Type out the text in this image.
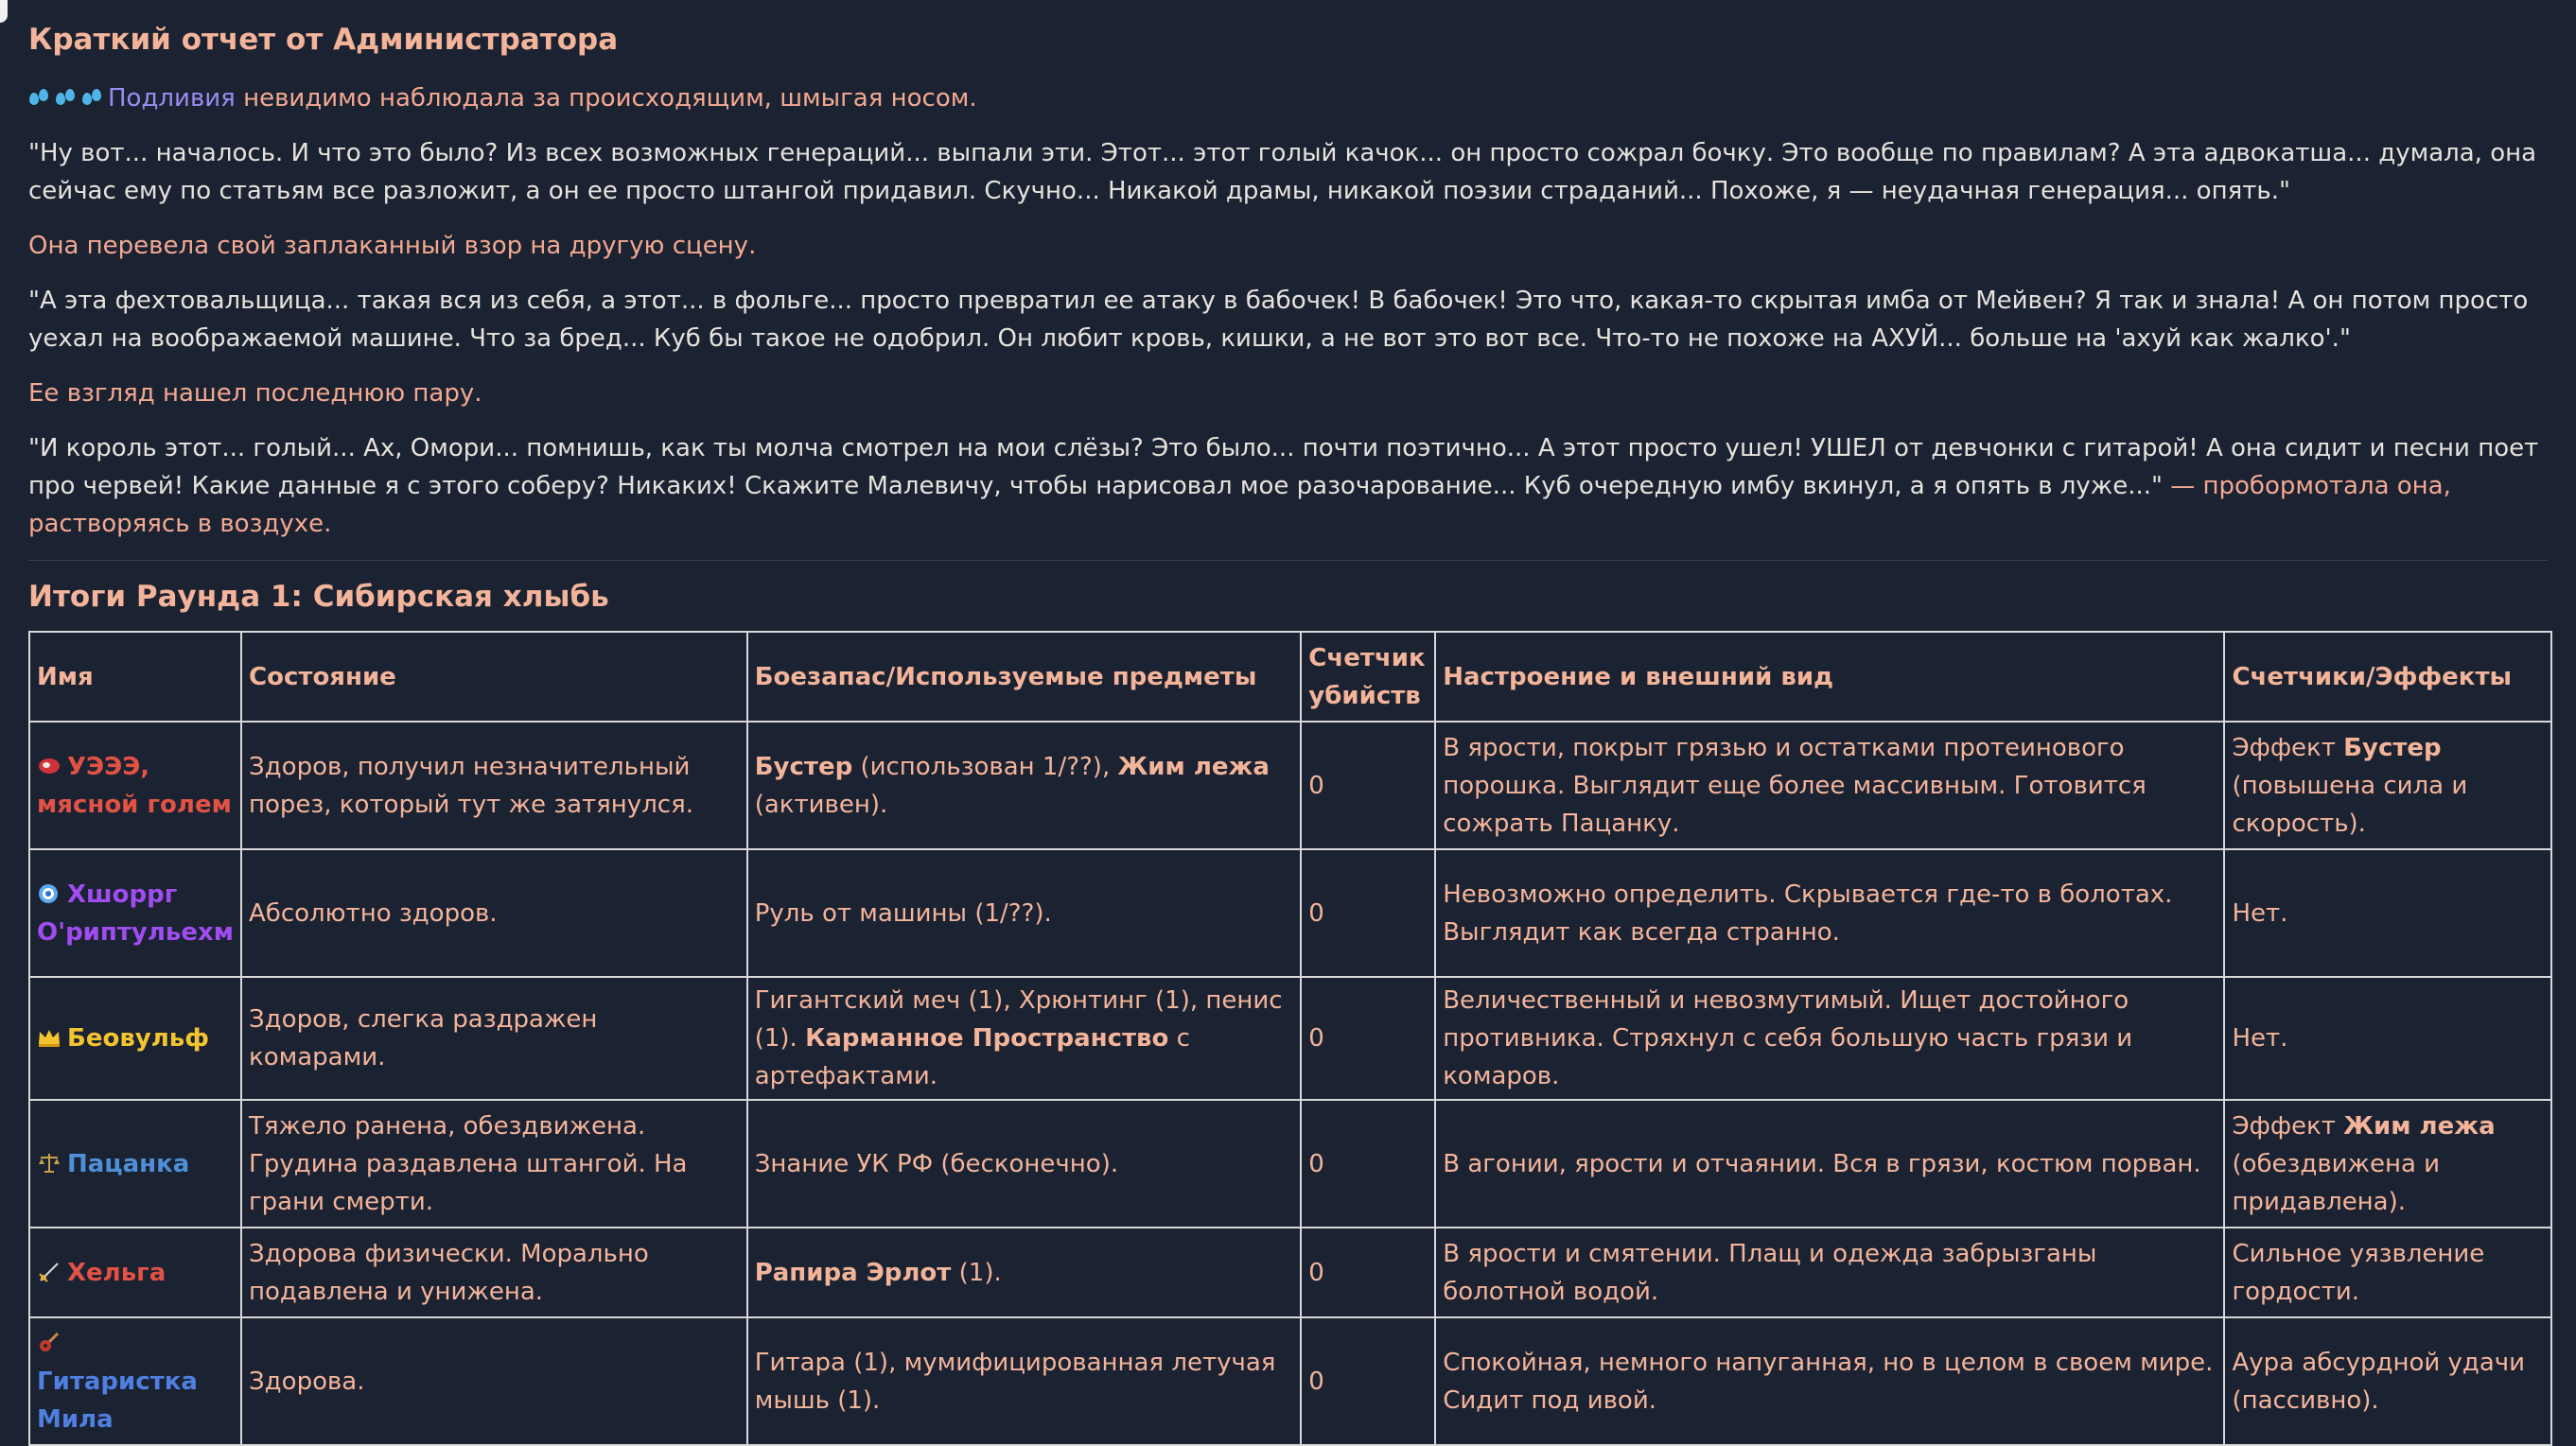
Краткий отчет от Администратора

Подливия невидимо наблюдала за происходящим, шмыгая носом.

"Ну вот... началось. И что это было? Из всех возможных генераций... выпали эти. Этот... этот голый качок... он просто сожрал бочку. Это вообще по правилам? А эта адвокатша... думала, она сейчас ему по статьям все разложит, а он ее просто штангой придавил. Скучно... Никакой драмы, никакой поэзии страданий... Похоже, я — неудачная генерация... опять."

Она перевела свой заплаканный взор на другую сцену.

"А эта фехтовальщица... такая вся из себя, а этот... в фольге... просто превратил ее атаку в бабочек! В бабочек! Это что, какая-то скрытая имба от Мейвен? Я так и знала! А он потом просто уехал на воображаемой машине. Что за бред... Куб бы такое не одобрил. Он любит кровь, кишки, а не вот это вот все. Что-то не похоже на АХУЙ... больше на 'ахуй как жалко'."

Ее взгляд нашел последнюю пару.

"И король этот... голый... Ах, Омори... помнишь, как ты молча смотрел на мои слёзы? Это было... почти поэтично... А этот просто ушел! УШЕЛ от девчонки с гитарой! А она сидит и песни поет про червей! Какие данные я с этого соберу? Никаких! Скажите Малевичу, чтобы нарисовал мое разочарование... Куб очередную имбу вкинул, а я опять в луже..." — пробормотала она, растворяясь в воздухе.

Итоги Раунда 1: Сибирская хлыбь
Имя	Состояние	Боезапас/Используемые предметы	Счетчик убийств	Настроение и внешний вид	Счетчики/Эффекты
УЭЭЭ, мясной голем	Здоров, получил незначительный порез, который тут же затянулся.	Бустер (использован 1/??), Жим лежа (активен).	0	В ярости, покрыт грязью и остатками протеинового порошка. Выглядит еще более массивным. Готовится сожрать Пацанку.	Эффект Бустер (повышена сила и скорость).
Хшоррг О'риптульехм	Абсолютно здоров.	Руль от машины (1/??).	0	Невозможно определить. Скрывается где-то в болотах. Выглядит как всегда странно.	Нет.
Беовульф	Здоров, слегка раздражен комарами.	Гигантский меч (1), Хрюнтинг (1), пенис (1). Карманное Пространство с артефактами.	0	Величественный и невозмутимый. Ищет достойного противника. Стряхнул с себя большую часть грязи и комаров.	Нет.
Пацанка	Тяжело ранена, обездвижена. Грудина раздавлена штангой. На грани смерти.	Знание УК РФ (бесконечно).	0	В агонии, ярости и отчаянии. Вся в грязи, костюм порван.	Эффект Жим лежа (обездвижена и придавлена).
Хельга	Здорова физически. Морально подавлена и унижена.	Рапира Эрлот (1).	0	В ярости и смятении. Плащ и одежда забрызганы болотной водой.	Сильное уязвление гордости.

Гитаристка Мила	Здорова.	Гитара (1), мумифицированная летучая мышь (1).	0	Спокойная, немного напуганная, но в целом в своем мире. Сидит под ивой.	Аура абсурдной удачи (пассивно).
